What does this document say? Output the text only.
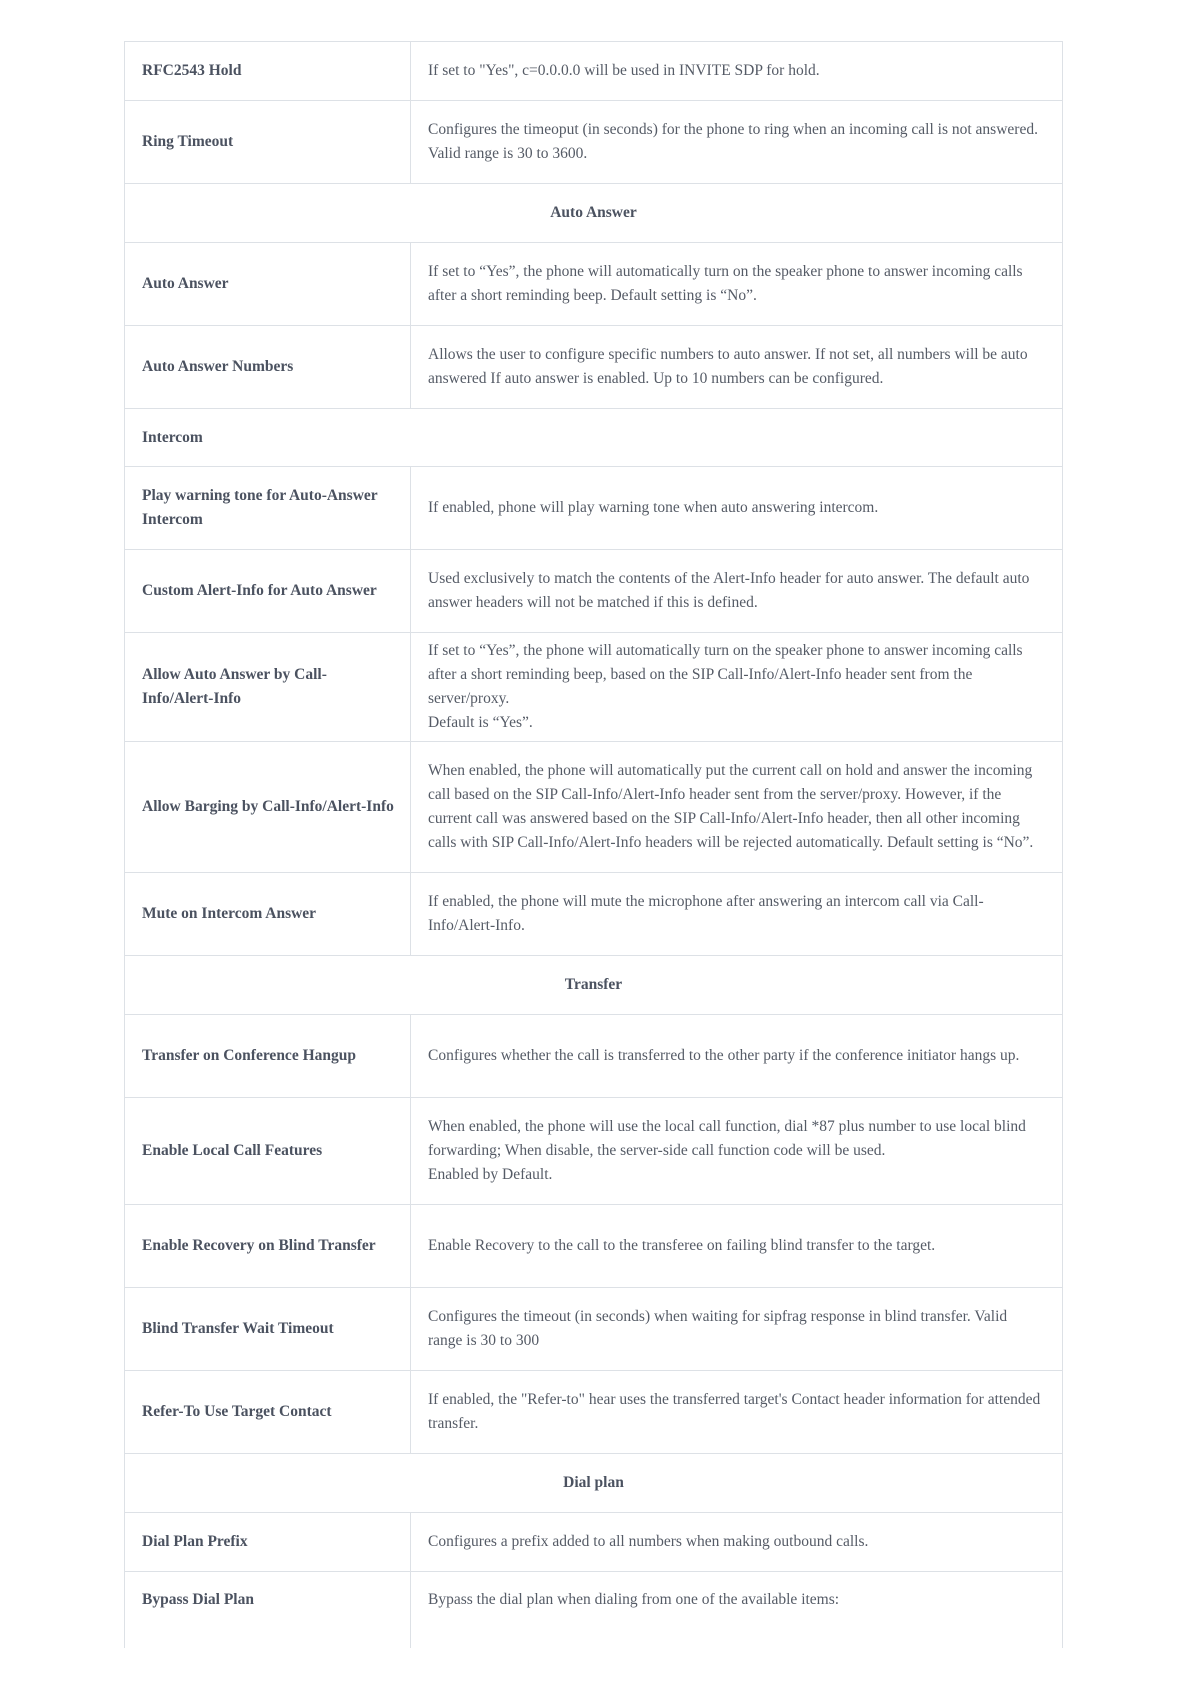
RFC2543 Hold	If set to "Yes", c=0.0.0.0 will be used in INVITE SDP for hold.

Ring Timeout	Configures the timeoput (in seconds) for the phone to ring when an incoming call is not answered.
Valid range is 30 to 3600.

Auto Answer	
Auto Answer	If set to “Yes”, the phone will automatically turn on the speaker phone to answer incoming calls after a short reminding beep. Default setting is “No”.

Auto Answer Numbers	Allows the user to configure specific numbers to auto answer. If not set, all numbers will be auto answered If auto answer is enabled. Up to 10 numbers can be configured.

Intercom	
Play warning tone for Auto-Answer Intercom	If enabled, phone will play warning tone when auto answering intercom.

Custom Alert-Info for Auto Answer	Used exclusively to match the contents of the Alert-Info header for auto answer. The default auto answer headers will not be matched if this is defined.

Allow Auto Answer by Call-Info/Alert-Info	If set to “Yes”, the phone will automatically turn on the speaker phone to answer incoming calls after a short reminding beep, based on the SIP Call-Info/Alert-Info header sent from the server/proxy.
Default is “Yes”.

Allow Barging by Call-Info/Alert-Info	When enabled, the phone will automatically put the current call on hold and answer the incoming call based on the SIP Call-Info/Alert-Info header sent from the server/proxy. However, if the current call was answered based on the SIP Call-Info/Alert-Info header, then all other incoming calls with SIP Call-Info/Alert-Info headers will be rejected automatically. Default setting is “No”.

Mute on Intercom Answer	If enabled, the phone will mute the microphone after answering an intercom call via Call-Info/Alert-Info.

Transfer	
Transfer on Conference Hangup	Configures whether the call is transferred to the other party if the conference initiator hangs up.

Enable Local Call Features	When enabled, the phone will use the local call function, dial *87 plus number to use local blind forwarding; When disable, the server-side call function code will be used.
Enabled by Default.

Enable Recovery on Blind Transfer	Enable Recovery to the call to the transferee on failing blind transfer to the target.

Blind Transfer Wait Timeout	Configures the timeout (in seconds) when waiting for sipfrag response in blind transfer. Valid range is 30 to 300

Refer-To Use Target Contact	If enabled, the "Refer-to" hear uses the transferred target's Contact header information for attended transfer.

Dial plan	
Dial Plan Prefix	Configures a prefix added to all numbers when making outbound calls.

Bypass Dial Plan	Bypass the dial plan when dialing from one of the available items:
